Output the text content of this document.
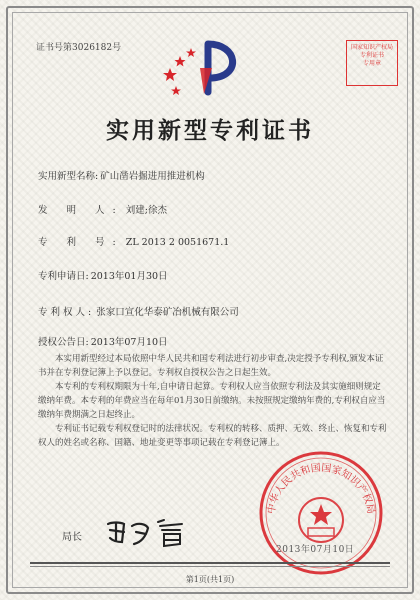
证书号第3026182号	国家知识产权局
专利证书
专用章
实用新型专利证书
实用新型名称: 矿山凿岩掘进用推进机构
发 明 人: 刘建;徐杰
专 利 号: ZL 2013 2 0051671.1
专利申请日: 2013年01月30日
专利权人: 张家口宣化华泰矿冶机械有限公司
授权公告日: 2013年07月10日

本实用新型经过本局依照中华人民共和国专利法进行初步审查,决定授予专利权,颁发本证书并在专利登记簿上予以登记。专利权自授权公告之日起生效。

本专利的专利权期限为十年,自申请日起算。专利权人应当依照专利法及其实施细则规定缴纳年费。本专利的年费应当在每年01月30日前缴纳。未按照规定缴纳年费的,专利权自应当缴纳年费期满之日起终止。

专利证书记载专利权登记时的法律状况。专利权的转移、质押、无效、终止、恢复和专利权人的姓名或名称、国籍、地址变更等事项记载在专利登记簿上。

局长
中华人民共和国国家知识产权局
2013年07月10日
第1页(共1页)
